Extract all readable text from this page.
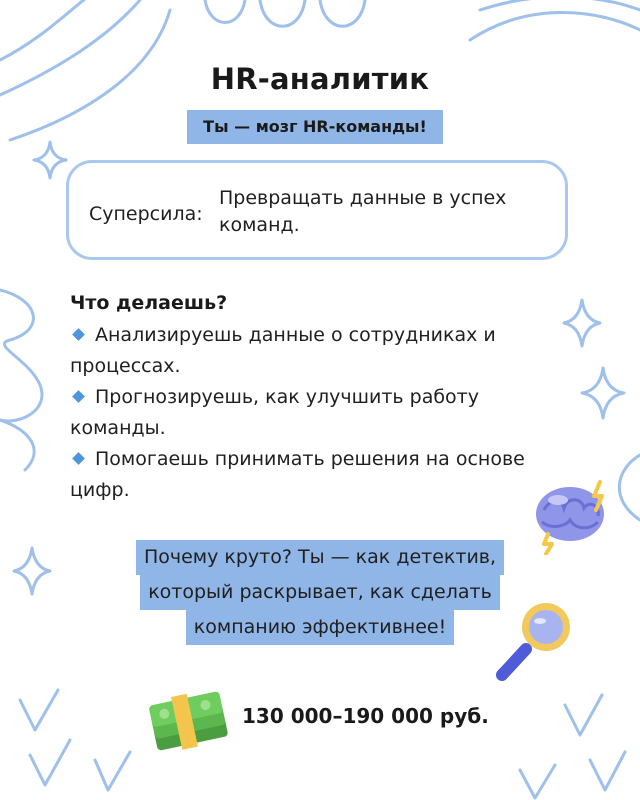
HR-аналитик
Ты — мозг HR-команды!
Суперсила:
Превращать данные в успех команд.
Что делаешь?

Анализируешь данные о сотрудниках и процессах.

Прогнозируешь, как улучшить работу команды.

Помогаешь принимать решения на основе цифр.

Почему круто? Ты — как детектив,
который раскрывает, как сделать
компанию эффективнее!
130 000–190 000 руб.
